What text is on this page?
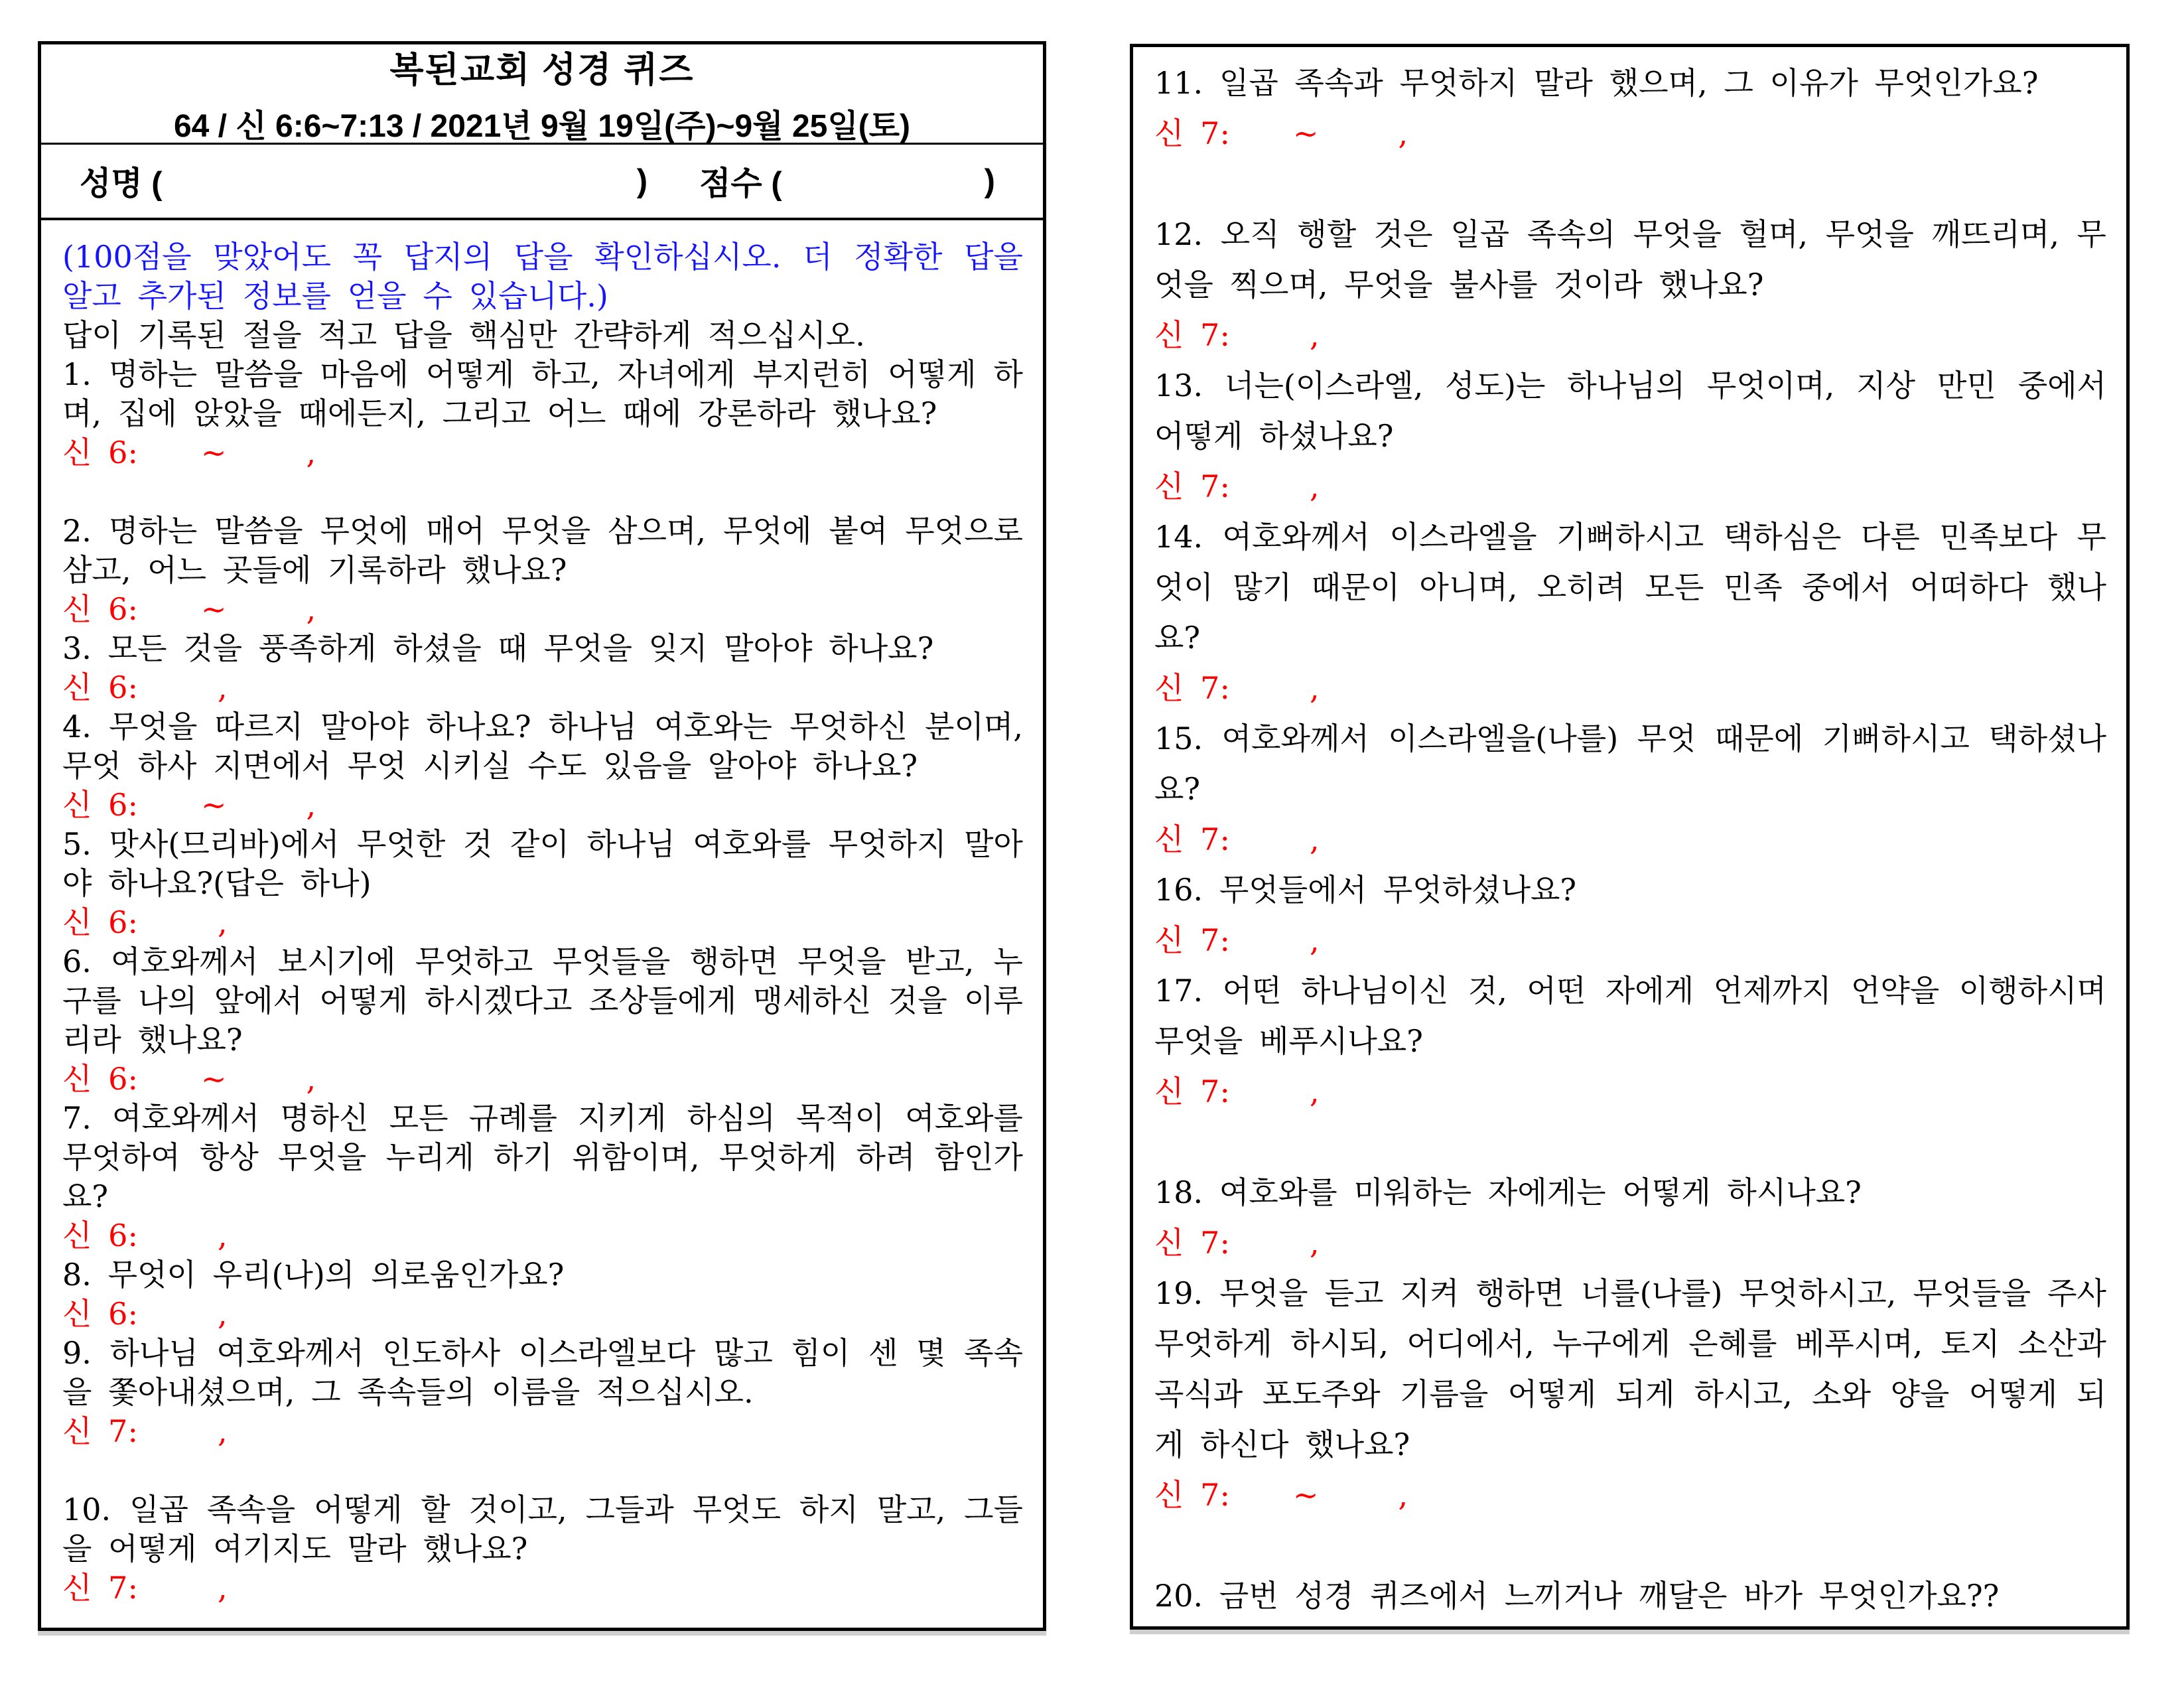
복된교회 성경 퀴즈
64 / 신 6:6~7:13 / 2021년 9월 19일(주)~9월 25일(토)
성명 (	) 점수 (	)

(100점을 맞았어도 꼭 답지의 답을 확인하십시오. 더 정확한 답을 알고 추가된 정보를 얻을 수 있습니다.)

답이 기록된 절을 적고 답을 핵심만 간략하게 적으십시오.

1. 명하는 말씀을 마음에 어떻게 하고, 자녀에게 부지런히 어떻게 하며, 집에 앉았을 때에든지, 그리고 어느 때에 강론하라 했나요?

신 6: ~	,

2. 명하는 말씀을 무엇에 매어 무엇을 삼으며, 무엇에 붙여 무엇으로 삼고, 어느 곳들에 기록하라 했나요?

신 6: ~	,

3. 모든 것을 풍족하게 하셨을 때 무엇을 잊지 말아야 하나요?

신 6:	,

4. 무엇을 따르지 말아야 하나요? 하나님 여호와는 무엇하신 분이며, 무엇 하사 지면에서 무엇 시키실 수도 있음을 알아야 하나요?

신 6: ~	,

5. 맛사(므리바)에서 무엇한 것 같이 하나님 여호와를 무엇하지 말아야 하나요?(답은 하나)

신 6:	,

6. 여호와께서 보시기에 무엇하고 무엇들을 행하면 무엇을 받고, 누구를 나의 앞에서 어떻게 하시겠다고 조상들에게 맹세하신 것을 이루리라 했나요?

신 6: ~	,

7. 여호와께서 명하신 모든 규례를 지키게 하심의 목적이 여호와를 무엇하여 항상 무엇을 누리게 하기 위함이며, 무엇하게 하려 함인가요?

신 6:	,

8. 무엇이 우리(나)의 의로움인가요?

신 6:	,

9. 하나님 여호와께서 인도하사 이스라엘보다 많고 힘이 센 몇 족속을 쫓아내셨으며, 그 족속들의 이름을 적으십시오.

신 7:	,

10. 일곱 족속을 어떻게 할 것이고, 그들과 무엇도 하지 말고, 그들을 어떻게 여기지도 말라 했나요?

신 7:	,

11. 일곱 족속과 무엇하지 말라 했으며, 그 이유가 무엇인가요?

신 7: ~	,

12. 오직 행할 것은 일곱 족속의 무엇을 헐며, 무엇을 깨뜨리며, 무엇을 찍으며, 무엇을 불사를 것이라 했나요?

신 7:	,

13. 너는(이스라엘, 성도)는 하나님의 무엇이며, 지상 만민 중에서 어떻게 하셨나요?

신 7:	,

14. 여호와께서 이스라엘을 기뻐하시고 택하심은 다른 민족보다 무엇이 많기 때문이 아니며, 오히려 모든 민족 중에서 어떠하다 했나요?

신 7:	,

15. 여호와께서 이스라엘을(나를) 무엇 때문에 기뻐하시고 택하셨나요?

신 7:	,

16. 무엇들에서 무엇하셨나요?

신 7:	,

17. 어떤 하나님이신 것, 어떤 자에게 언제까지 언약을 이행하시며 무엇을 베푸시나요?

신 7:	,

18. 여호와를 미워하는 자에게는 어떻게 하시나요?

신 7:	,

19. 무엇을 듣고 지켜 행하면 너를(나를) 무엇하시고, 무엇들을 주사 무엇하게 하시되, 어디에서, 누구에게 은혜를 베푸시며, 토지 소산과 곡식과 포도주와 기름을 어떻게 되게 하시고, 소와 양을 어떻게 되게 하신다 했나요?

신 7: ~	,

20. 금번 성경 퀴즈에서 느끼거나 깨달은 바가 무엇인가요??
